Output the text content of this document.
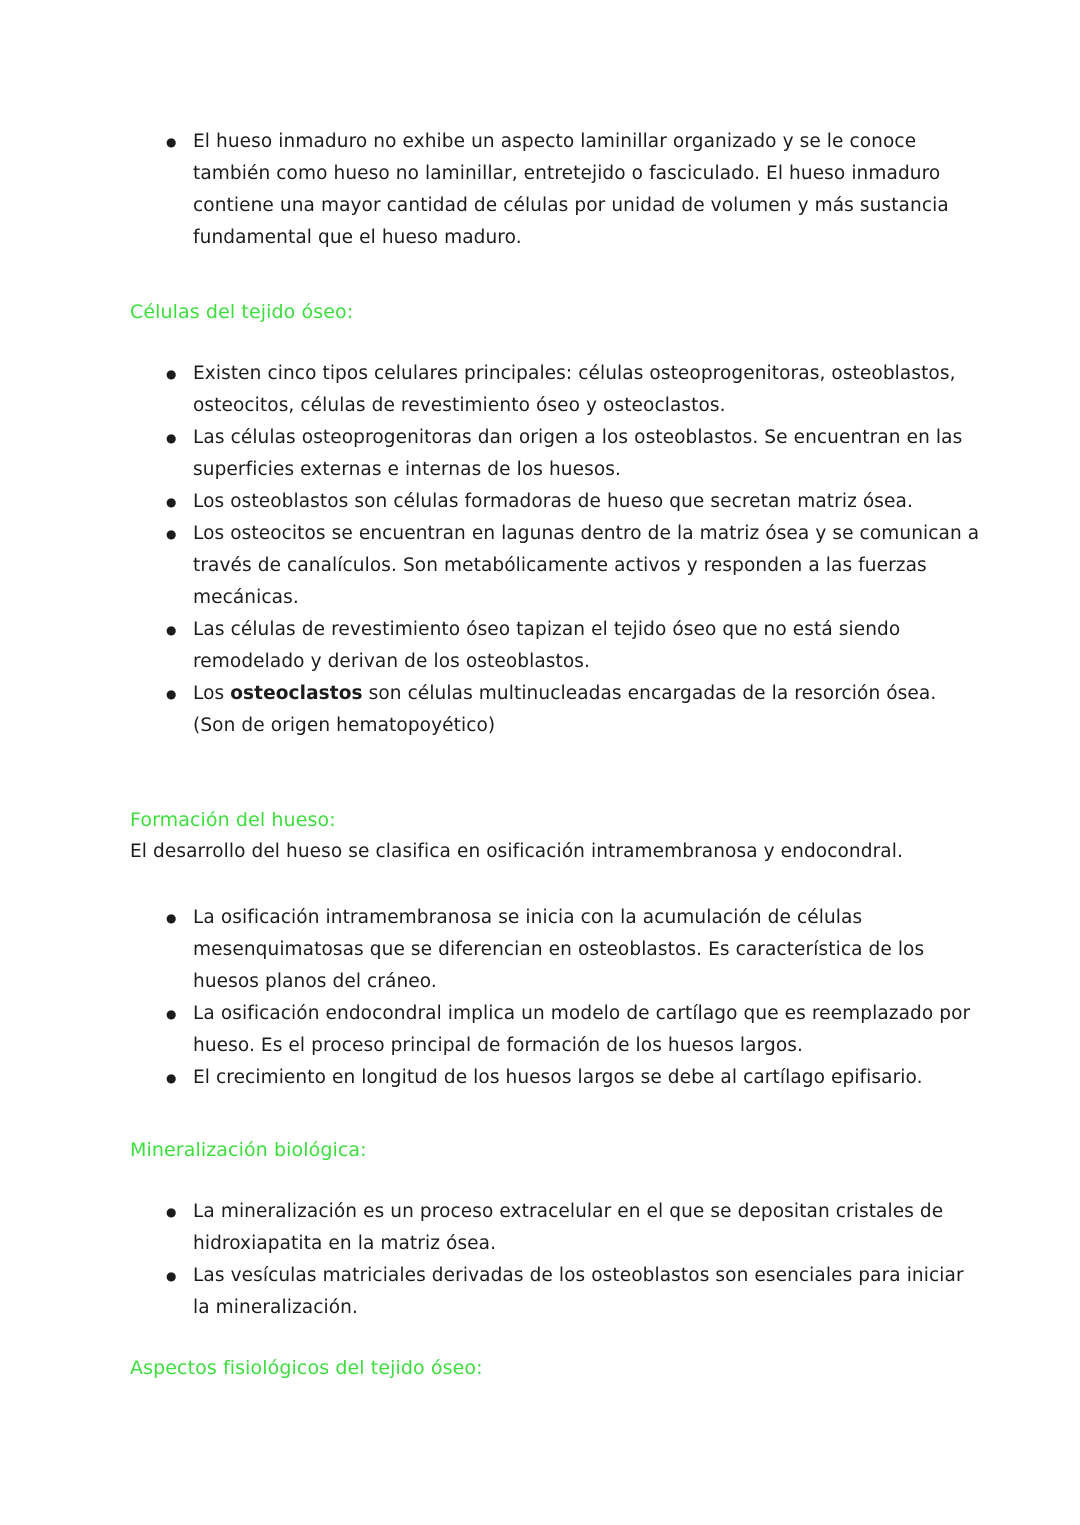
● El hueso inmaduro no exhibe un aspecto laminillar organizado y se le conoce también como hueso no laminillar, entretejido o fasciculado. El hueso inmaduro contiene una mayor cantidad de células por unidad de volumen y más sustancia fundamental que el hueso maduro.

Células del tejido óseo:

● Existen cinco tipos celulares principales: células osteoprogenitoras, osteoblastos, osteocitos, células de revestimiento óseo y osteoclastos.
● Las células osteoprogenitoras dan origen a los osteoblastos. Se encuentran en las superficies externas e internas de los huesos.
● Los osteoblastos son células formadoras de hueso que secretan matriz ósea.
● Los osteocitos se encuentran en lagunas dentro de la matriz ósea y se comunican a través de canalículos. Son metabólicamente activos y responden a las fuerzas mecánicas.
● Las células de revestimiento óseo tapizan el tejido óseo que no está siendo remodelado y derivan de los osteoblastos.
● Los osteoclastos son células multinucleadas encargadas de la resorción ósea. (Son de origen hematopoyético)

Formación del hueso:

El desarrollo del hueso se clasifica en osificación intramembranosa y endocondral.

● La osificación intramembranosa se inicia con la acumulación de células mesenquimatosas que se diferencian en osteoblastos. Es característica de los huesos planos del cráneo.
● La osificación endocondral implica un modelo de cartílago que es reemplazado por hueso. Es el proceso principal de formación de los huesos largos.
● El crecimiento en longitud de los huesos largos se debe al cartílago epifisario.

Mineralización biológica:

● La mineralización es un proceso extracelular en el que se depositan cristales de hidroxiapatita en la matriz ósea.
● Las vesículas matriciales derivadas de los osteoblastos son esenciales para iniciar la mineralización.

Aspectos fisiológicos del tejido óseo:
